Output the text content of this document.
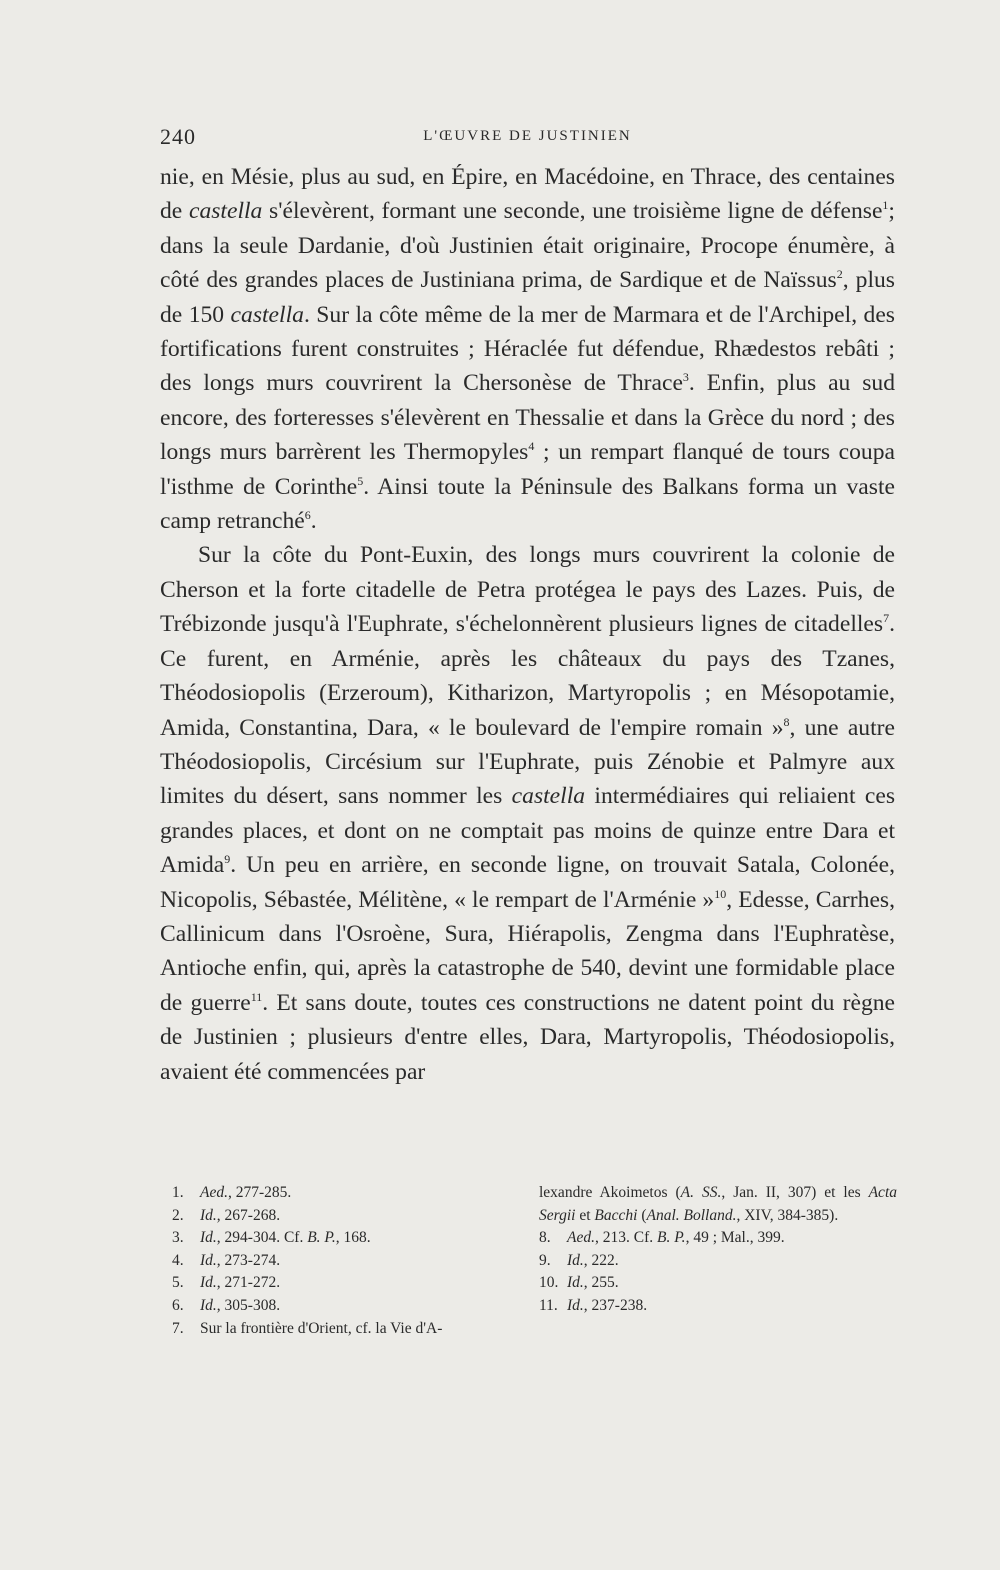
240	L'ŒUVRE DE JUSTINIEN

nie, en Mésie, plus au sud, en Épire, en Macédoine, en Thrace, des centaines de castella s'élevèrent, formant une seconde, une troisième ligne de défense$^1$; dans la seule Dardanie, d'où Justinien était originaire, Procope énumère, à côté des grandes places de Justiniana prima, de Sardique et de Naïssus$^2$, plus de 150 castella. Sur la côte même de la mer de Marmara et de l'Archipel, des fortifications furent construites ; Héraclée fut défendue, Rhædestos rebâti ; des longs murs couvrirent la Chersonèse de Thrace$^3$. Enfin, plus au sud encore, des forteresses s'élevèrent en Thessalie et dans la Grèce du nord ; des longs murs barrèrent les Thermopyles$^4$ ; un rempart flanqué de tours coupa l'isthme de Corinthe$^5$. Ainsi toute la Péninsule des Balkans forma un vaste camp retranché$^6$.

Sur la côte du Pont-Euxin, des longs murs couvrirent la colonie de Cherson et la forte citadelle de Petra protégea le pays des Lazes. Puis, de Trébizonde jusqu'à l'Euphrate, s'échelonnèrent plusieurs lignes de citadelles$^7$. Ce furent, en Arménie, après les châteaux du pays des Tzanes, Théodosiopolis (Erzeroum), Kitharizon, Martyropolis ; en Mésopotamie, Amida, Constantina, Dara, « le boulevard de l'empire romain »$^8$, une autre Théodosiopolis, Circésium sur l'Euphrate, puis Zénobie et Palmyre aux limites du désert, sans nommer les castella intermédiaires qui reliaient ces grandes places, et dont on ne comptait pas moins de quinze entre Dara et Amida$^9$. Un peu en arrière, en seconde ligne, on trouvait Satala, Colonée, Nicopolis, Sébastée, Mélitène, « le rempart de l'Arménie »$^{10}$, Edesse, Carrhes, Callinicum dans l'Osroène, Sura, Hiérapolis, Zengma dans l'Euphratèse, Antioche enfin, qui, après la catastrophe de 540, devint une formidable place de guerre$^{11}$. Et sans doute, toutes ces constructions ne datent point du règne de Justinien ; plusieurs d'entre elles, Dara, Martyropolis, Théodosiopolis, avaient été commencées par

1.	Aed., 277-285.
2.	Id., 267-268.
3.	Id., 294-304. Cf. B. P., 168.
4.	Id., 273-274.
5.	Id., 271-272.
6.	Id., 305-308.
7.	Sur la frontière d'Orient, cf. la Vie d'A-
lexandre Akoimetos (A. SS., Jan. II, 307) et les Acta Sergii et Bacchi (Anal. Bolland., XIV, 384-385).
8.	Aed., 213. Cf. B. P., 49 ; Mal., 399.
9.	Id., 222.
10. Id., 255.
11. Id., 237-238.
